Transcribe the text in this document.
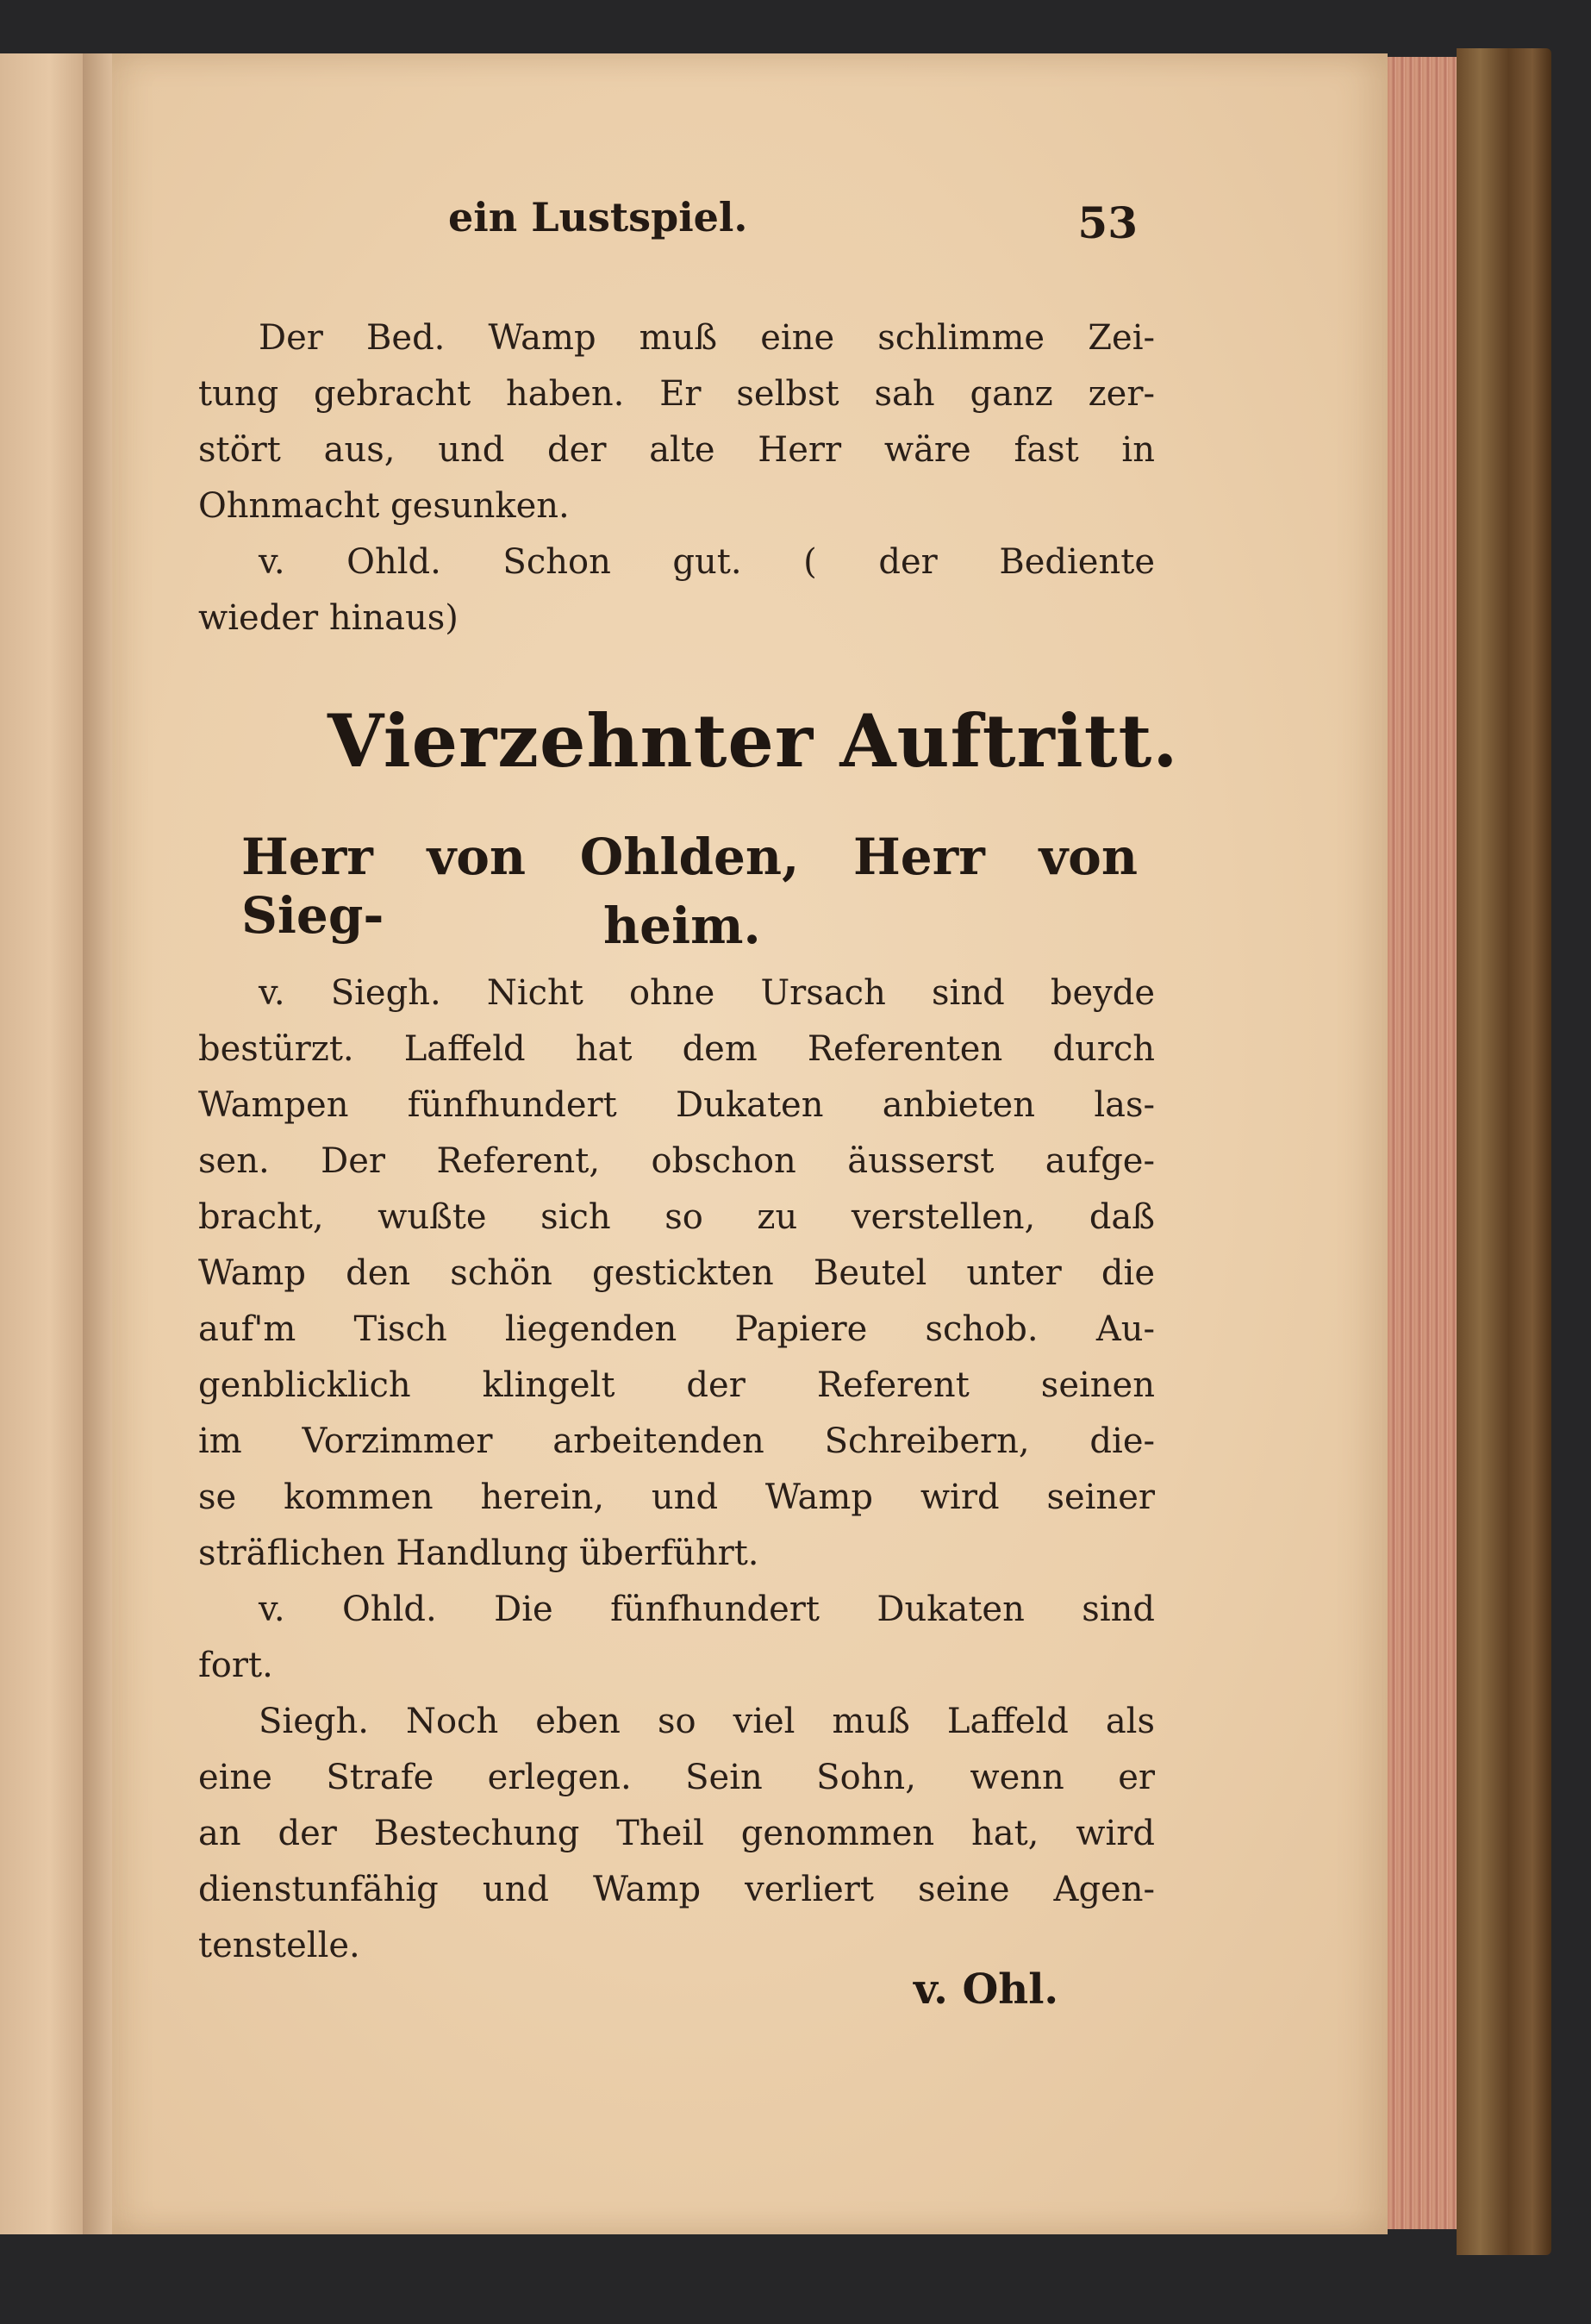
ein Lustspiel.	53
Der Bed. Wamp muß eine schlimme Zei-
tung gebracht haben. Er selbst sah ganz zer-
stört aus, und der alte Herr wäre fast in
Ohnmacht gesunken.
v. Ohld. Schon gut. ( der Bediente
wieder hinaus)
Vierzehnter Auftritt.
Herr von Ohlden, Herr von Sieg-	heim.
v. Siegh. Nicht ohne Ursach sind beyde
bestürzt. Laffeld hat dem Referenten durch
Wampen fünfhundert Dukaten anbieten las-
sen. Der Referent, obschon äusserst aufge-
bracht, wußte sich so zu verstellen, daß
Wamp den schön gestickten Beutel unter die
auf'm Tisch liegenden Papiere schob. Au-
genblicklich klingelt der Referent seinen
im Vorzimmer arbeitenden Schreibern, die-
se kommen herein, und Wamp wird seiner
sträflichen Handlung überführt.
v. Ohld. Die fünfhundert Dukaten sind
fort.
Siegh. Noch eben so viel muß Laffeld als
eine Strafe erlegen. Sein Sohn, wenn er
an der Bestechung Theil genommen hat, wird
dienstunfähig und Wamp verliert seine Agen-
tenstelle.
v. Ohl.
